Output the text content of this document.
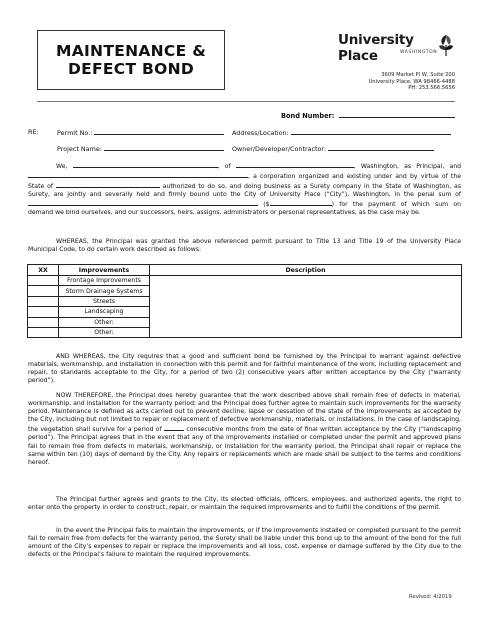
MAINTENANCE & DEFECT BOND
University Place	WASHINGTON
3609 Market Pl W, Suite 200
University Place, WA 98466-4488
PH: 253.566.5656
Bond Number:
RE:	Permit No.:	Address/Location:
Project Name:	Owner/Developer/Contractor:
We,	, of	, Washington, as Principal, and , a corporation organized and existing under and by virtue of the State of	authorized to do so, and doing business as a Surety company in the State of Washington, as Surety, are jointly and severally held and firmly bound unto the City of University Place (“City”), Washington, in the penal sum of  ($	) for the payment of which sum on demand we bind ourselves, and our successors, heirs, assigns, administrators or personal representatives, as the case may be.
WHEREAS, the Principal was granted the above referenced permit pursuant to Title 13 and Title 19 of the University Place Municipal Code, to do certain work described as follows:
XX	Improvements	Description
	Frontage Improvements	
	Storm Drainage Systems	
	Streets	
	Landscaping	
	Other:	
	Other:	
AND WHEREAS, the City requires that a good and sufficient bond be furnished by the Principal to warrant against defective materials, workmanship, and installation in connection with this permit and for faithful maintenance of the work, including replacement and repair, to standards acceptable to the City, for a period of two (2) consecutive years after written acceptance by the City (“warranty period”).
NOW THEREFORE, the Principal does hereby guarantee that the work described above shall remain free of defects in material, workmanship, and installation for the warranty period; and the Principal does further agree to maintain such improvements for the warranty period. Maintenance is defined as acts carried out to prevent decline, lapse or cessation of the state of the improvements as accepted by the City, including but not limited to repair or replacement of defective workmanship, materials, or installations. In the case of landscaping, the vegetation shall survive for a period of	consecutive months from the date of final written acceptance by the City (“landscaping period”). The Principal agrees that in the event that any of the improvements installed or completed under the permit and approved plans fail to remain free from defects in materials, workmanship, or installation for the warranty period, the Principal shall repair or replace the same within ten (10) days of demand by the City. Any repairs or replacements which are made shall be subject to the terms and conditions hereof.
The Principal further agrees and grants to the City, its elected officials, officers, employees, and authorized agents, the right to enter onto the property in order to construct, repair, or maintain the required improvements and to fulfill the conditions of the permit.
In the event the Principal fails to maintain the improvements, or if the improvements installed or completed pursuant to the permit fail to remain free from defects for the warranty period, the Surety shall be liable under this bond up to the amount of the bond for the full amount of the City’s expenses to repair or replace the improvements and all loss, cost, expense or damage suffered by the City due to the defects or the Principal’s failure to maintain the required improvements.
Revised: 4/2019
